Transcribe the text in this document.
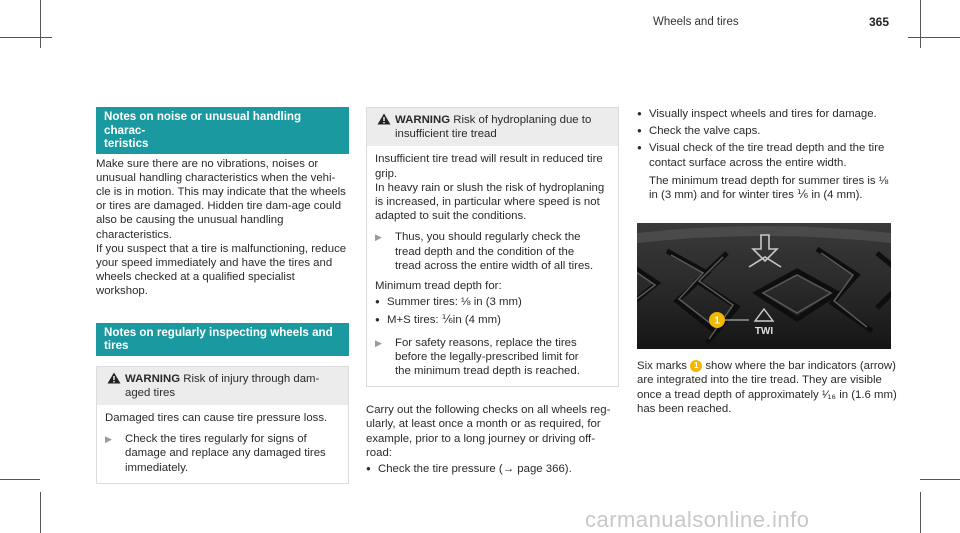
Wheels and tires	365
Notes on noise or unusual handling charac-
teristics

Make sure there are no vibrations, noises or unusual handling characteristics when the vehi-cle is in motion. This may indicate that the wheels or tires are damaged. Hidden tire dam-age could also be causing the unusual handling characteristics.

If you suspect that a tire is malfunctioning, reduce your speed immediately and have the tires and wheels checked at a qualified specialist workshop.

Notes on regularly inspecting wheels and
tires
WARNING Risk of injury through dam-
aged tires

Damaged tires can cause tire pressure loss.

▶	Check the tires regularly for signs of
damage and replace any damaged tires
immediately.
WARNING Risk of hydroplaning due to
insufficient tire tread

Insufficient tire tread will result in reduced tire grip.

In heavy rain or slush the risk of hydroplaning is increased, in particular where speed is not adapted to suit the conditions.

▶	Thus, you should regularly check the
tread depth and the condition of the
tread across the entire width of all tires.

Minimum tread depth for:

● Summer tires: ⅛ in (3 mm)
● M+S tires: ⅙in (4 mm)
▶	For safety reasons, replace the tires
before the legally-prescribed limit for
the minimum tread depth is reached.

Carry out the following checks on all wheels reg-ularly, at least once a month or as required, for example, prior to a long journey or driving off-road:

● Check the tire pressure (→ page 366).
● Visually inspect wheels and tires for damage.
● Check the valve caps.
● Visual check of the tire tread depth and the tire contact surface across the entire width.

The minimum tread depth for summer tires is ⅛ in (3 mm) and for winter tires ⅙ in (4 mm).

1
TWI

Six marks 1 show where the bar indicators (arrow) are integrated into the tire tread. They are visible once a tread depth of approximately ¹⁄₁₆ in (1.6 mm) has been reached.

carmanualsonline.info
